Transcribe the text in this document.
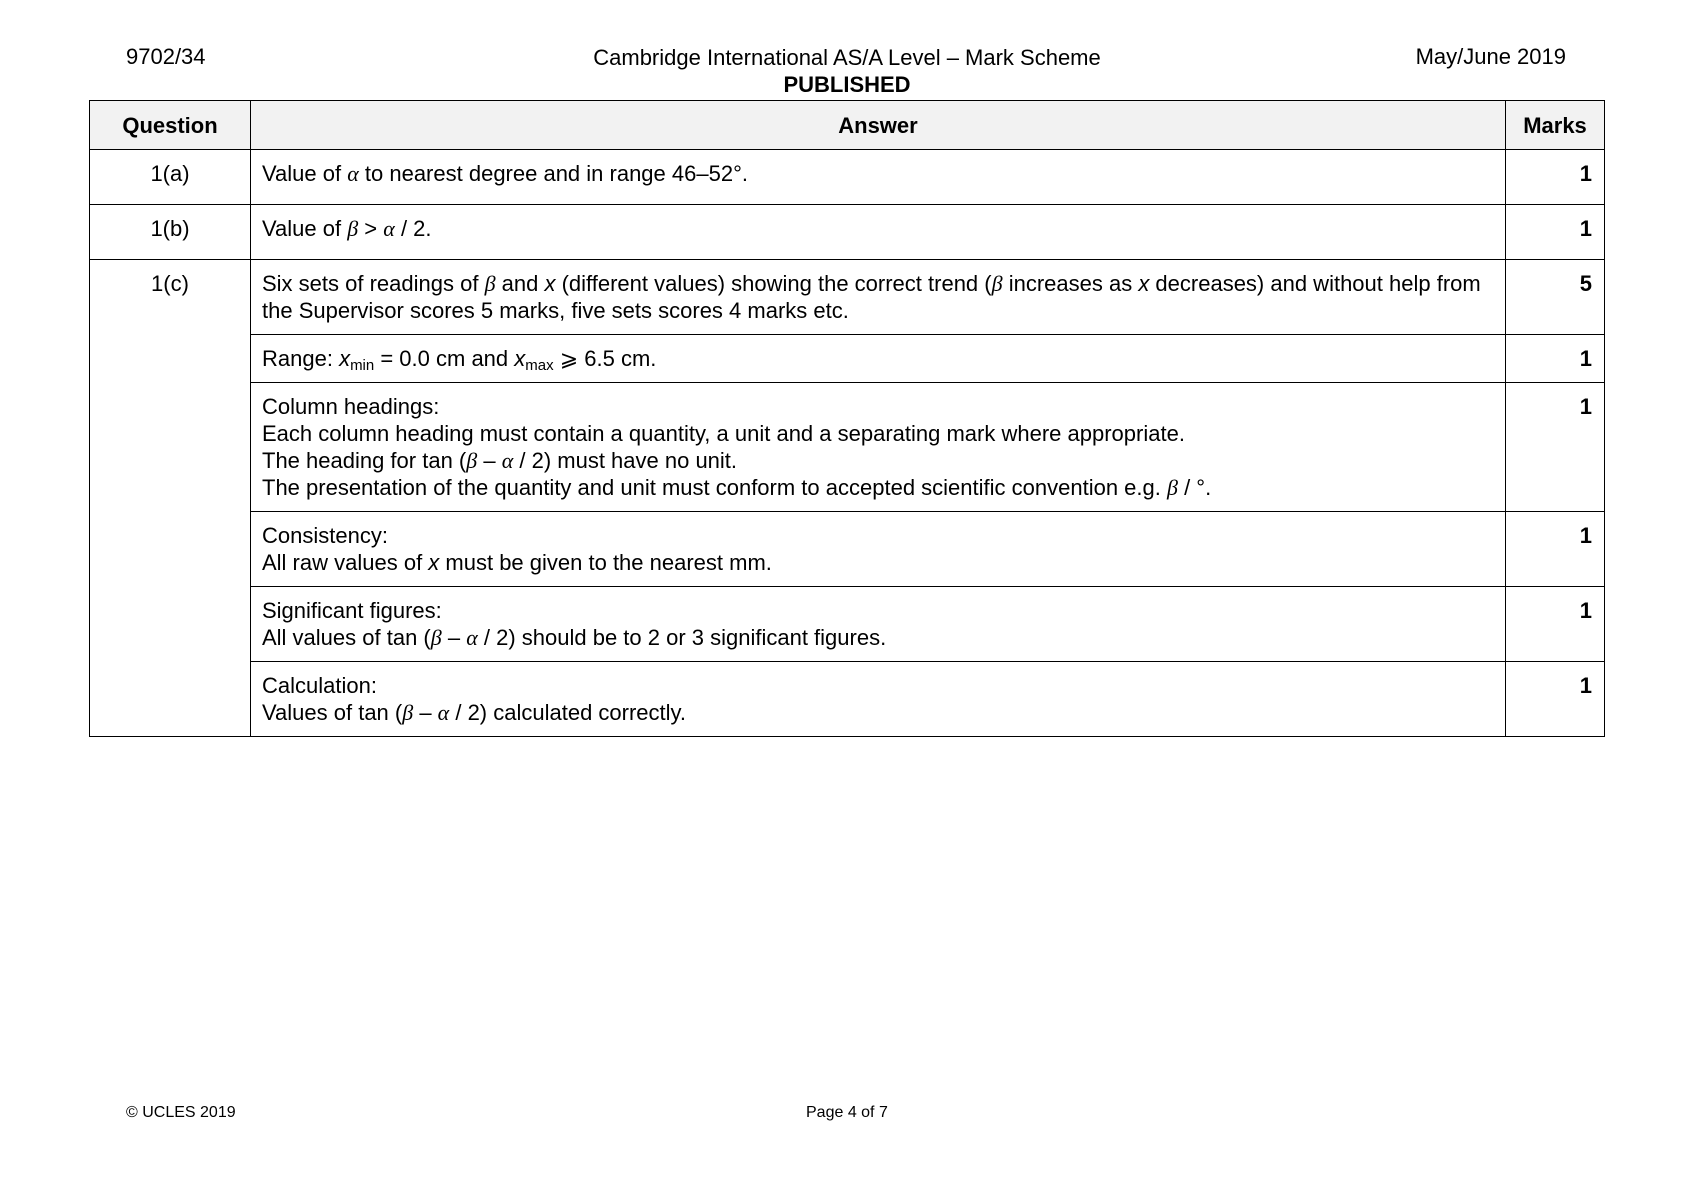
9702/34	Cambridge International AS/A Level – Mark Scheme
PUBLISHED
May/June 2019
Question	Answer	Marks
1(a)	Value of α to nearest degree and in range 46–52°.	1
1(b)	Value of β > α / 2.	1
1(c)	Six sets of readings of β and x (different values) showing the correct trend (β increases as x decreases) and without help from the Supervisor scores 5 marks, five sets scores 4 marks etc.	5
	Range: $x_{min} = 0.0$ cm and $x_{max}$ ⩾ 6.5 cm.	1

	Column headings:
Each column heading must contain a quantity, a unit and a separating mark where appropriate.
The heading for tan (β – α / 2) must have no unit.
The presentation of the quantity and unit must conform to accepted scientific convention e.g. β / °.	1

	Consistency:
All raw values of x must be given to the nearest mm.	1

	Significant figures:
All values of tan (β – α / 2) should be to 2 or 3 significant figures.	1

	Calculation:
Values of tan (β – α / 2) calculated correctly.	1
© UCLES 2019	Page 4 of 7
